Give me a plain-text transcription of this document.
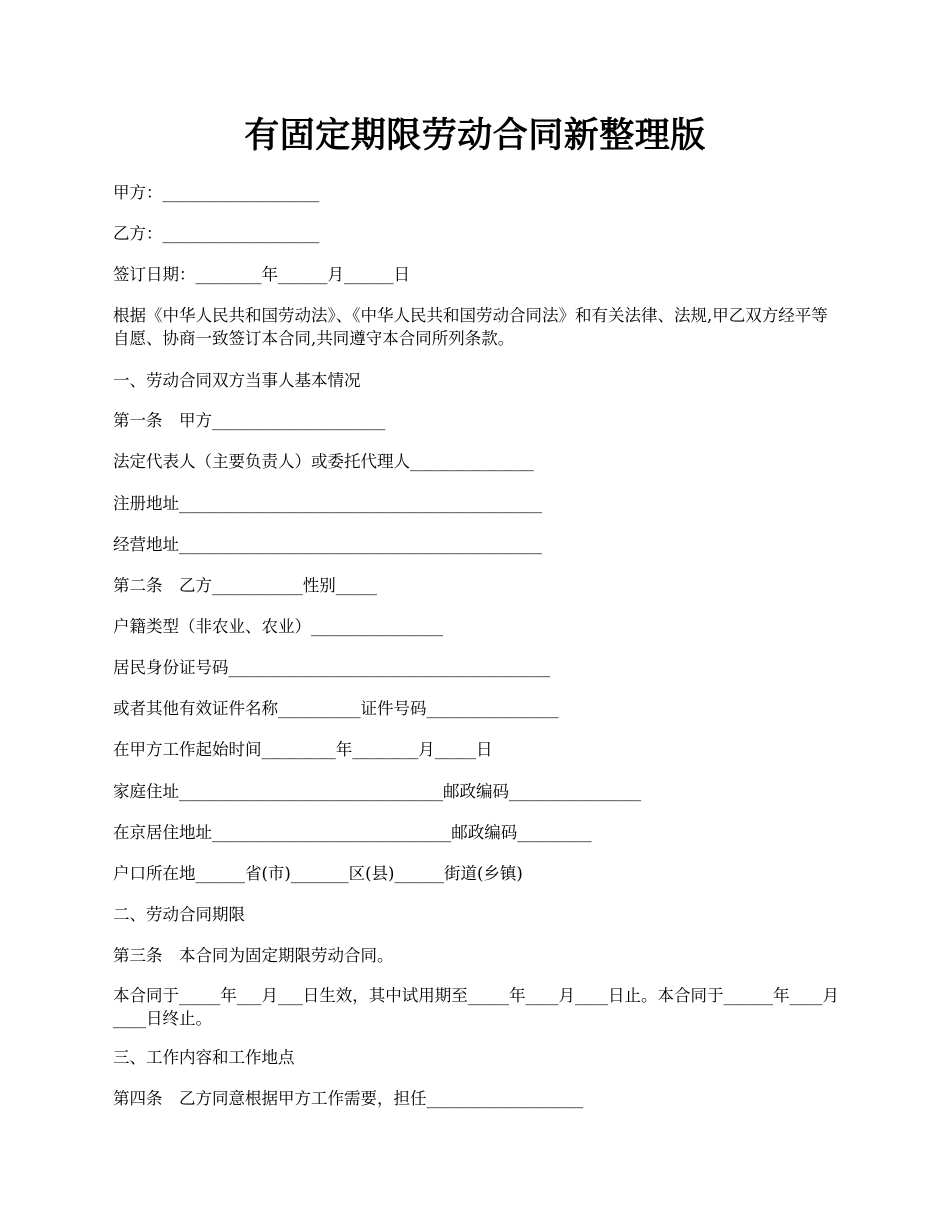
有固定期限劳动合同新整理版
甲方：___________________
乙方：___________________
签订日期：________年______月______日
根据《中华人民共和国劳动法》、《中华人民共和国劳动合同法》和有关法律、法规,甲乙双方经平等自愿、协商一致签订本合同,共同遵守本合同所列条款。
一、劳动合同双方当事人基本情况
第一条　甲方_____________________
法定代表人（主要负责人）或委托代理人_______________
注册地址____________________________________________
经营地址____________________________________________
第二条　乙方___________性别_____
户籍类型（非农业、农业）________________
居民身份证号码_______________________________________
或者其他有效证件名称__________证件号码________________
在甲方工作起始时间_________年________月_____日
家庭住址________________________________邮政编码________________
在京居住地址_____________________________邮政编码_________
户口所在地______省(市)_______区(县)______街道(乡镇)
二、劳动合同期限
第三条　本合同为固定期限劳动合同。
本合同于_____年___月___日生效，其中试用期至_____年____月____日止。本合同于______年____月____日终止。
三、工作内容和工作地点
第四条　乙方同意根据甲方工作需要，担任___________________
